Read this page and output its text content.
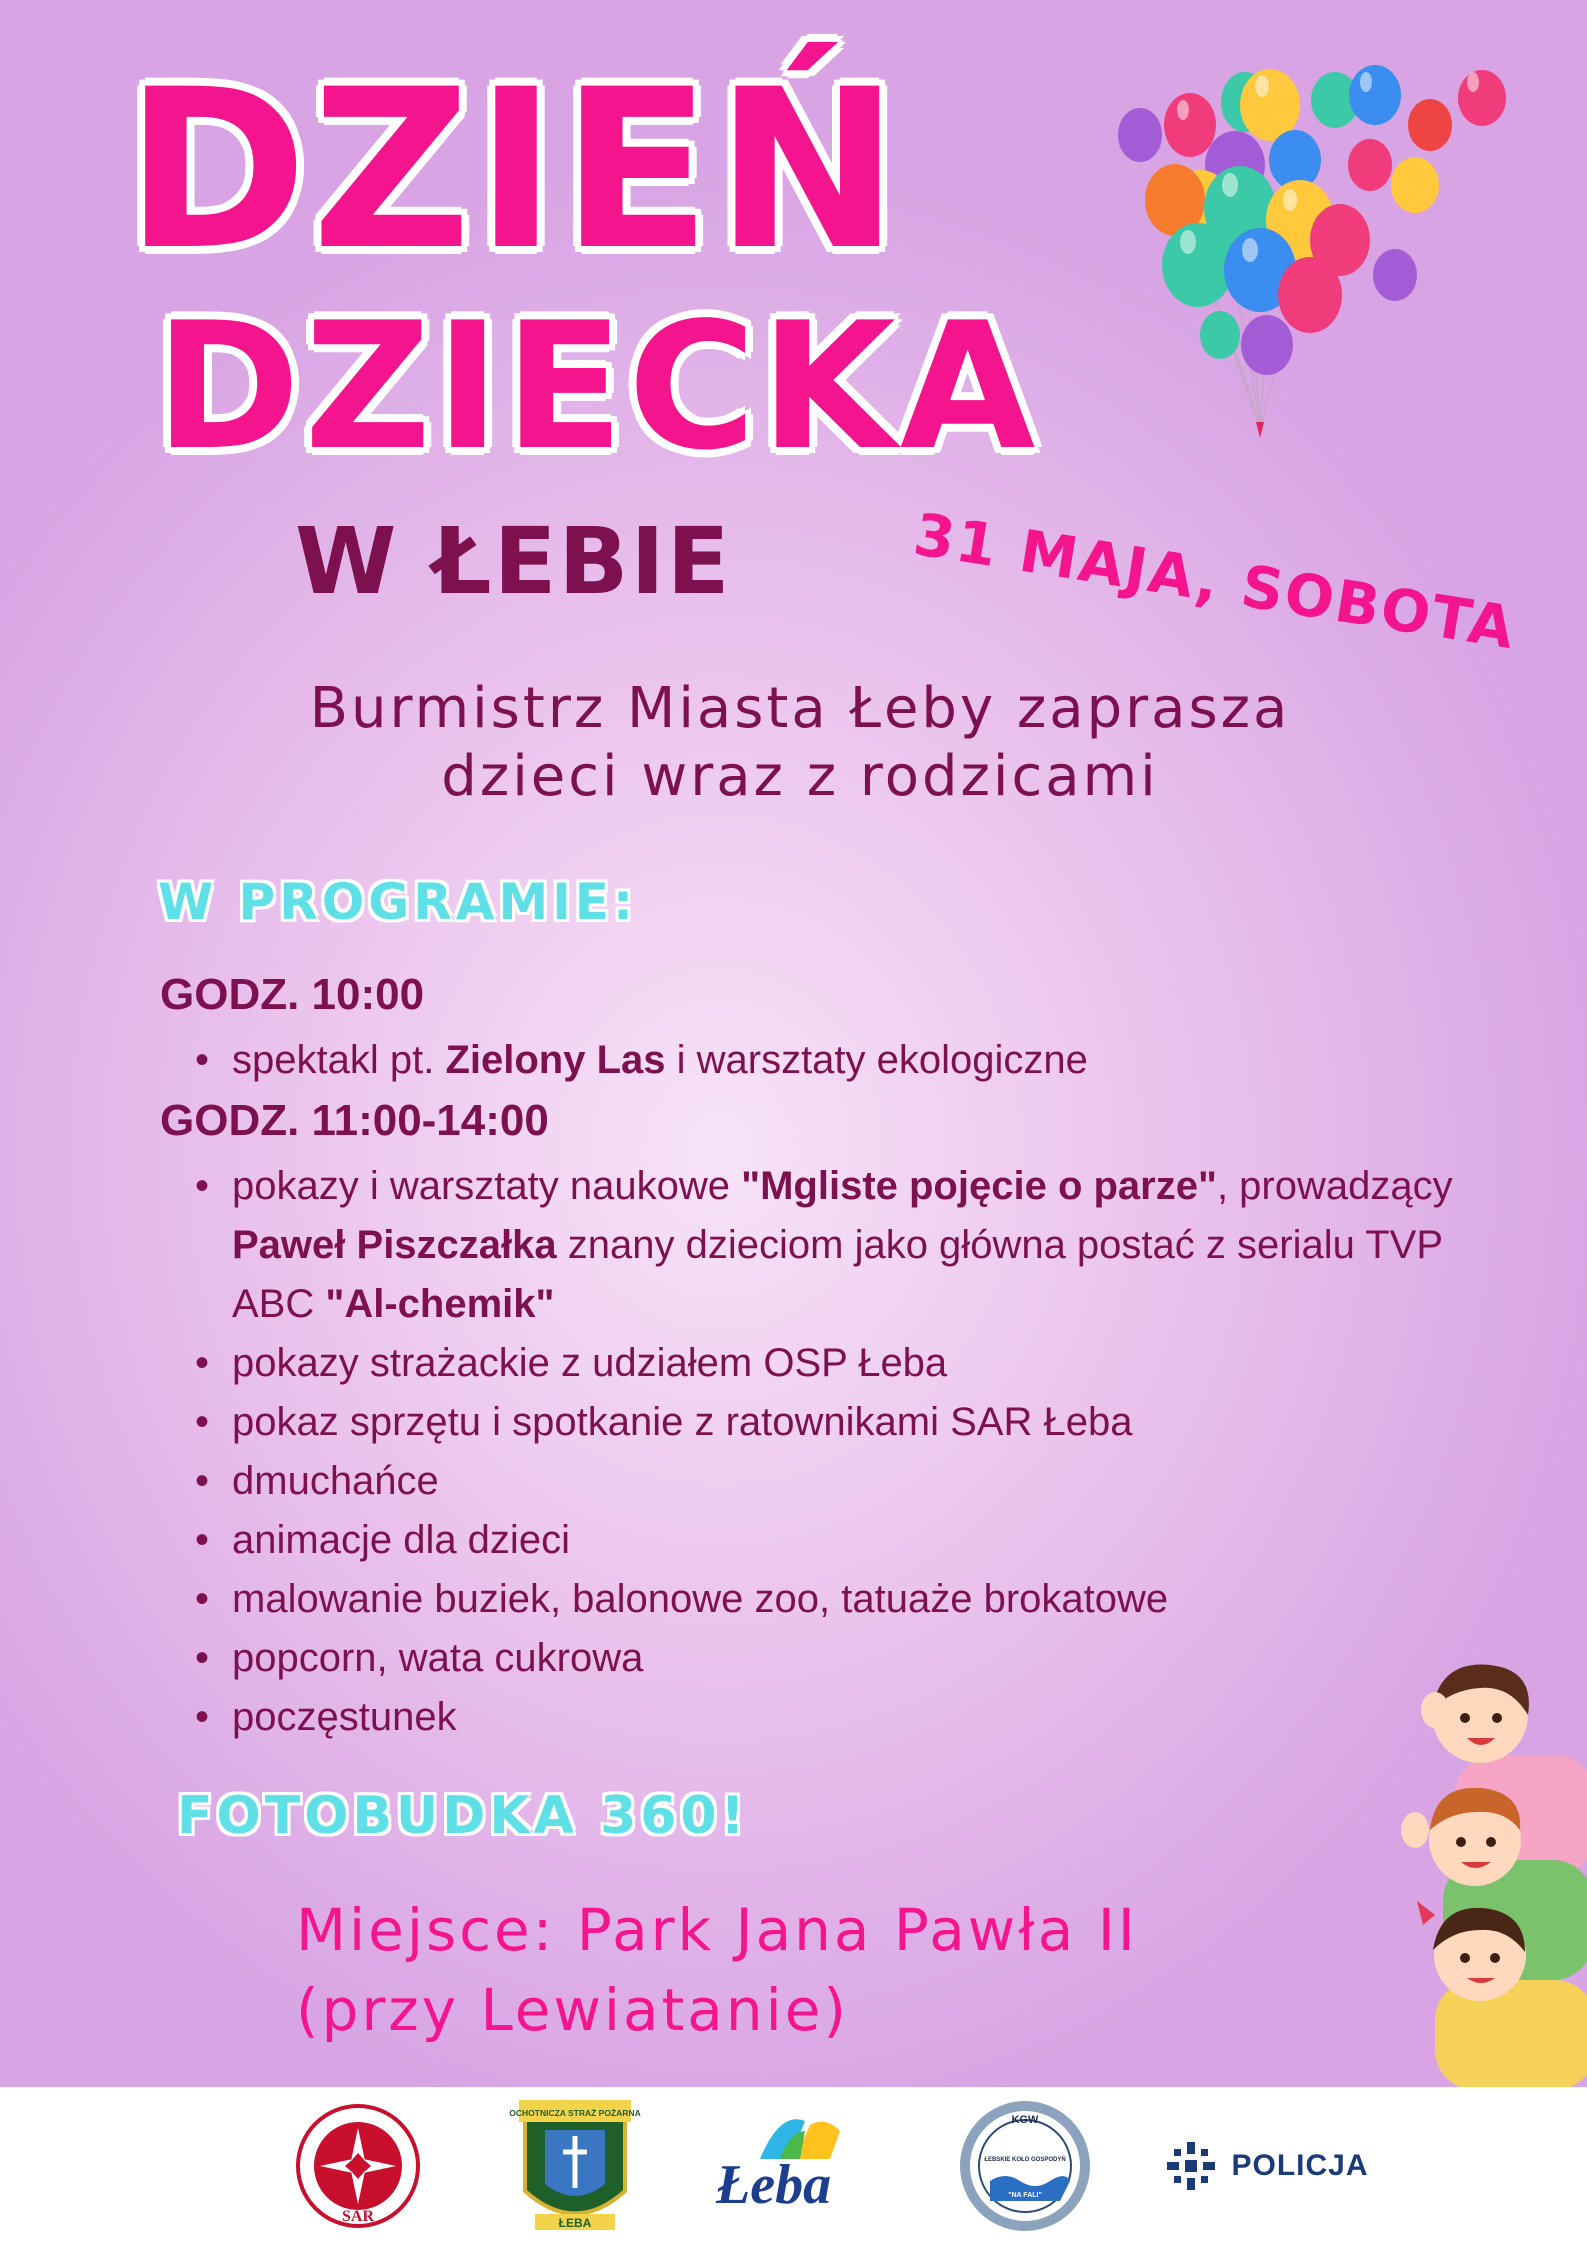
DZIEŃ
DZIECKA
W ŁEBIE	31 MAJA, SOBOTA
Burmistrz Miasta Łeby zaprasza
dzieci wraz z rodzicami
W PROGRAMIE:
GODZ. 10:00
• spektakl pt. Zielony Las i warsztaty ekologiczne
GODZ. 11:00-14:00
• pokazy i warsztaty naukowe "Mgliste pojęcie o parze", prowadzący Paweł Piszczałka znany dzieciom jako główna postać z serialu TVP ABC "Al-chemik"
• pokazy strażackie z udziałem OSP Łeba
• pokaz sprzętu i spotkanie z ratownikami SAR Łeba
• dmuchańce
• animacje dla dzieci
• malowanie buziek, balonowe zoo, tatuaże brokatowe
• popcorn, wata cukrowa
• poczęstunek
FOTOBUDKA 360!
Miejsce: Park Jana Pawła II
(przy Lewiatanie)
SAR
OCHOTNICZA STRAŻ POŻARNA
ŁEBA
Łeba
KGW
ŁEBSKIE KOŁO GOSPODYŃ
"NA FALI"
POLICJA
